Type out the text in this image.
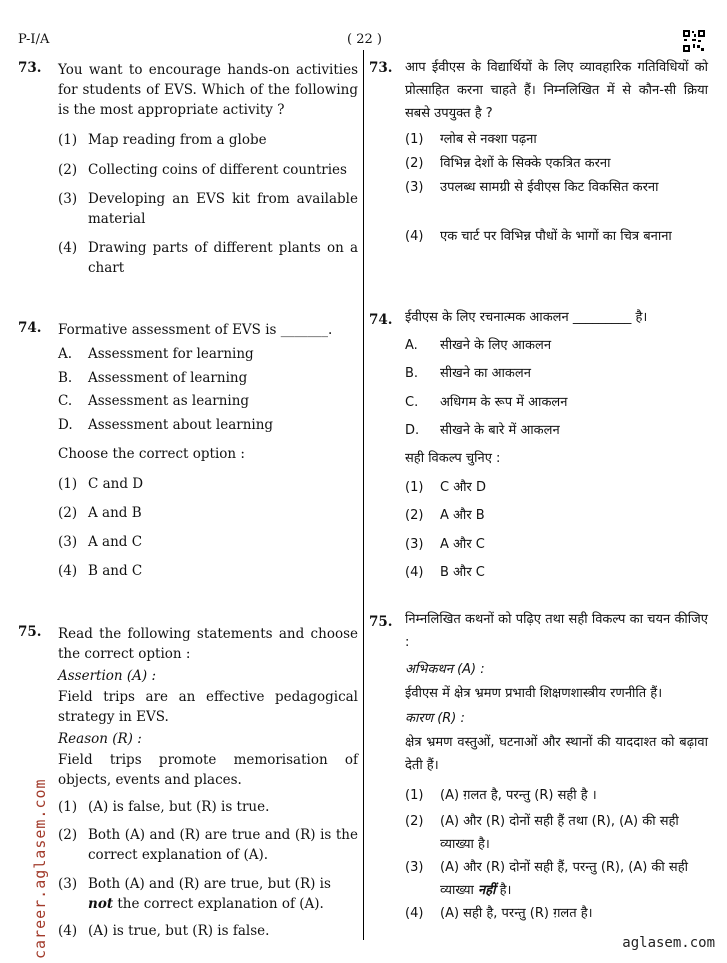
P-I/A	( 22 )
73. You want to encourage hands-on activities for students of EVS. Which of the following is the most appropriate activity ?
(1) Map reading from a globe
(2) Collecting coins of different countries
(3) Developing an EVS kit from available material
(4) Drawing parts of different plants on a chart
74. Formative assessment of EVS is _______.
A. Assessment for learning
B. Assessment of learning
C. Assessment as learning
D. Assessment about learning
Choose the correct option :
(1) C and D
(2) A and B
(3) A and C
(4) B and C
75. Read the following statements and choose the correct option :
Assertion (A) :
Field trips are an effective pedagogical strategy in EVS.
Reason (R) :
Field trips promote memorisation of objects, events and places.
(1) (A) is false, but (R) is true.
(2) Both (A) and (R) are true and (R) is the correct explanation of (A).
(3) Both (A) and (R) are true, but (R) is not the correct explanation of (A).
(4) (A) is true, but (R) is false.
73. आप ईवीएस के विद्यार्थियों के लिए व्यावहारिक गतिविधियों को प्रोत्साहित करना चाहते हैं। निम्नलिखित में से कौन-सी क्रिया सबसे उपयुक्त है ?
(1) ग्लोब से नक्शा पढ़ना
(2) विभिन्न देशों के सिक्के एकत्रित करना
(3) उपलब्ध सामग्री से ईवीएस किट विकसित करना
(4) एक चार्ट पर विभिन्न पौधों के भागों का चित्र बनाना
74. ईवीएस के लिए रचनात्मक आकलन _________ है।
A. सीखने के लिए आकलन
B. सीखने का आकलन
C. अधिगम के रूप में आकलन
D. सीखने के बारे में आकलन
सही विकल्प चुनिए :
(1) C और D
(2) A और B
(3) A और C
(4) B और C
75. निम्नलिखित कथनों को पढ़िए तथा सही विकल्प का चयन कीजिए :
अभिकथन (A) :
ईवीएस में क्षेत्र भ्रमण प्रभावी शिक्षणशास्त्रीय रणनीति हैं।
कारण (R) :
क्षेत्र भ्रमण वस्तुओं, घटनाओं और स्थानों की याददाश्त को बढ़ावा देती हैं।
(1) (A) ग़लत है, परन्तु (R) सही है ।
(2) (A) और (R) दोनों सही हैं तथा (R), (A) की सही व्याख्या है।
(3) (A) और (R) दोनों सही हैं, परन्तु (R), (A) की सही व्याख्या नहीं है।
(4) (A) सही है, परन्तु (R) ग़लत है।
career.aglasem.com	aglasem.com
